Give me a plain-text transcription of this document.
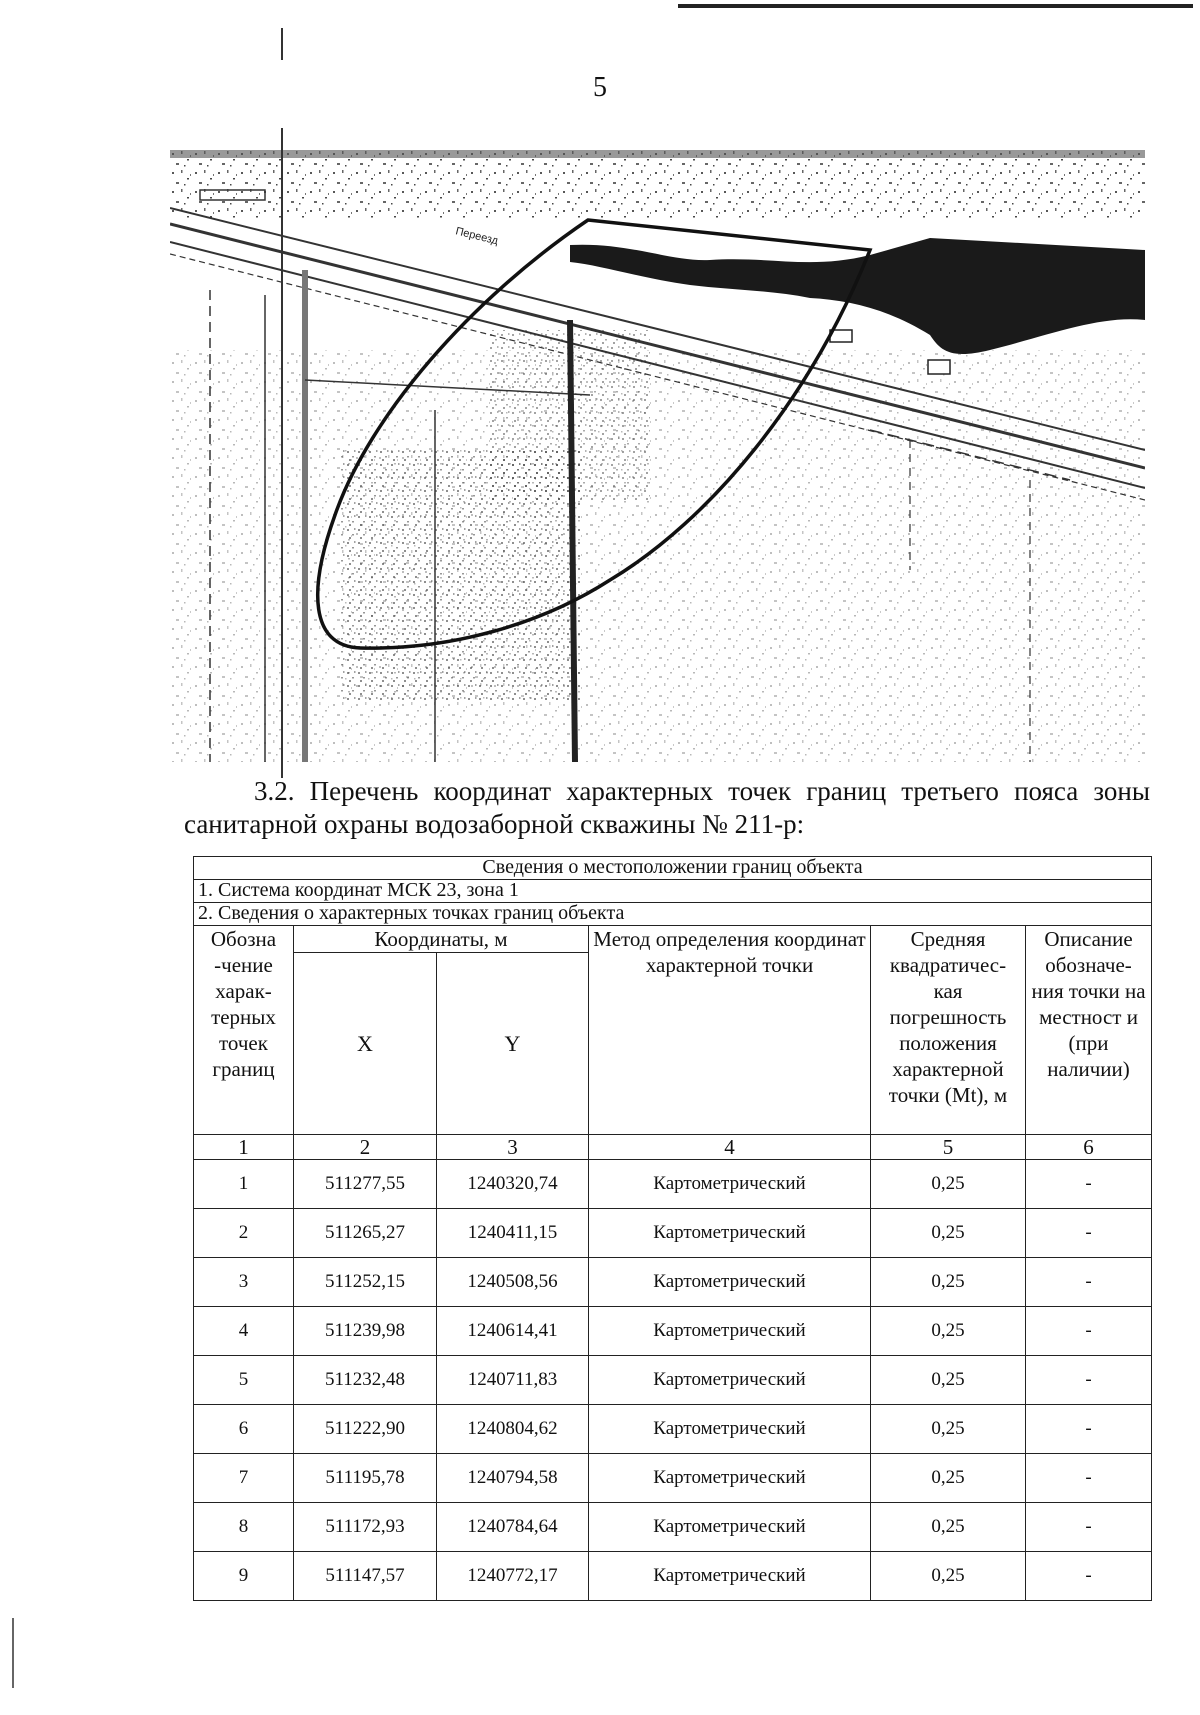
5
Переезд
3.2. Перечень координат характерных точек границ третьего пояса зоны
санитарной охраны водозаборной скважины № 211-р:
Сведения о местоположении границ объекта					
1. Система координат МСК 23, зона 1					
2. Сведения о характерных точках границ объекта					
Обозна -чение харак- терных точек границ	Координаты, м		Метод определения координат характерной точки	Средняя квадратичес- кая погрешность положения характерной точки (Mt), м	Описание обозначе- ния точки на местност и (при наличии)
	X	Y			
1	2	3	4	5	6
1	511277,55	1240320,74	Картометрический	0,25	-
2	511265,27	1240411,15	Картометрический	0,25	-
3	511252,15	1240508,56	Картометрический	0,25	-
4	511239,98	1240614,41	Картометрический	0,25	-
5	511232,48	1240711,83	Картометрический	0,25	-
6	511222,90	1240804,62	Картометрический	0,25	-
7	511195,78	1240794,58	Картометрический	0,25	-
8	511172,93	1240784,64	Картометрический	0,25	-
9	511147,57	1240772,17	Картометрический	0,25	-
